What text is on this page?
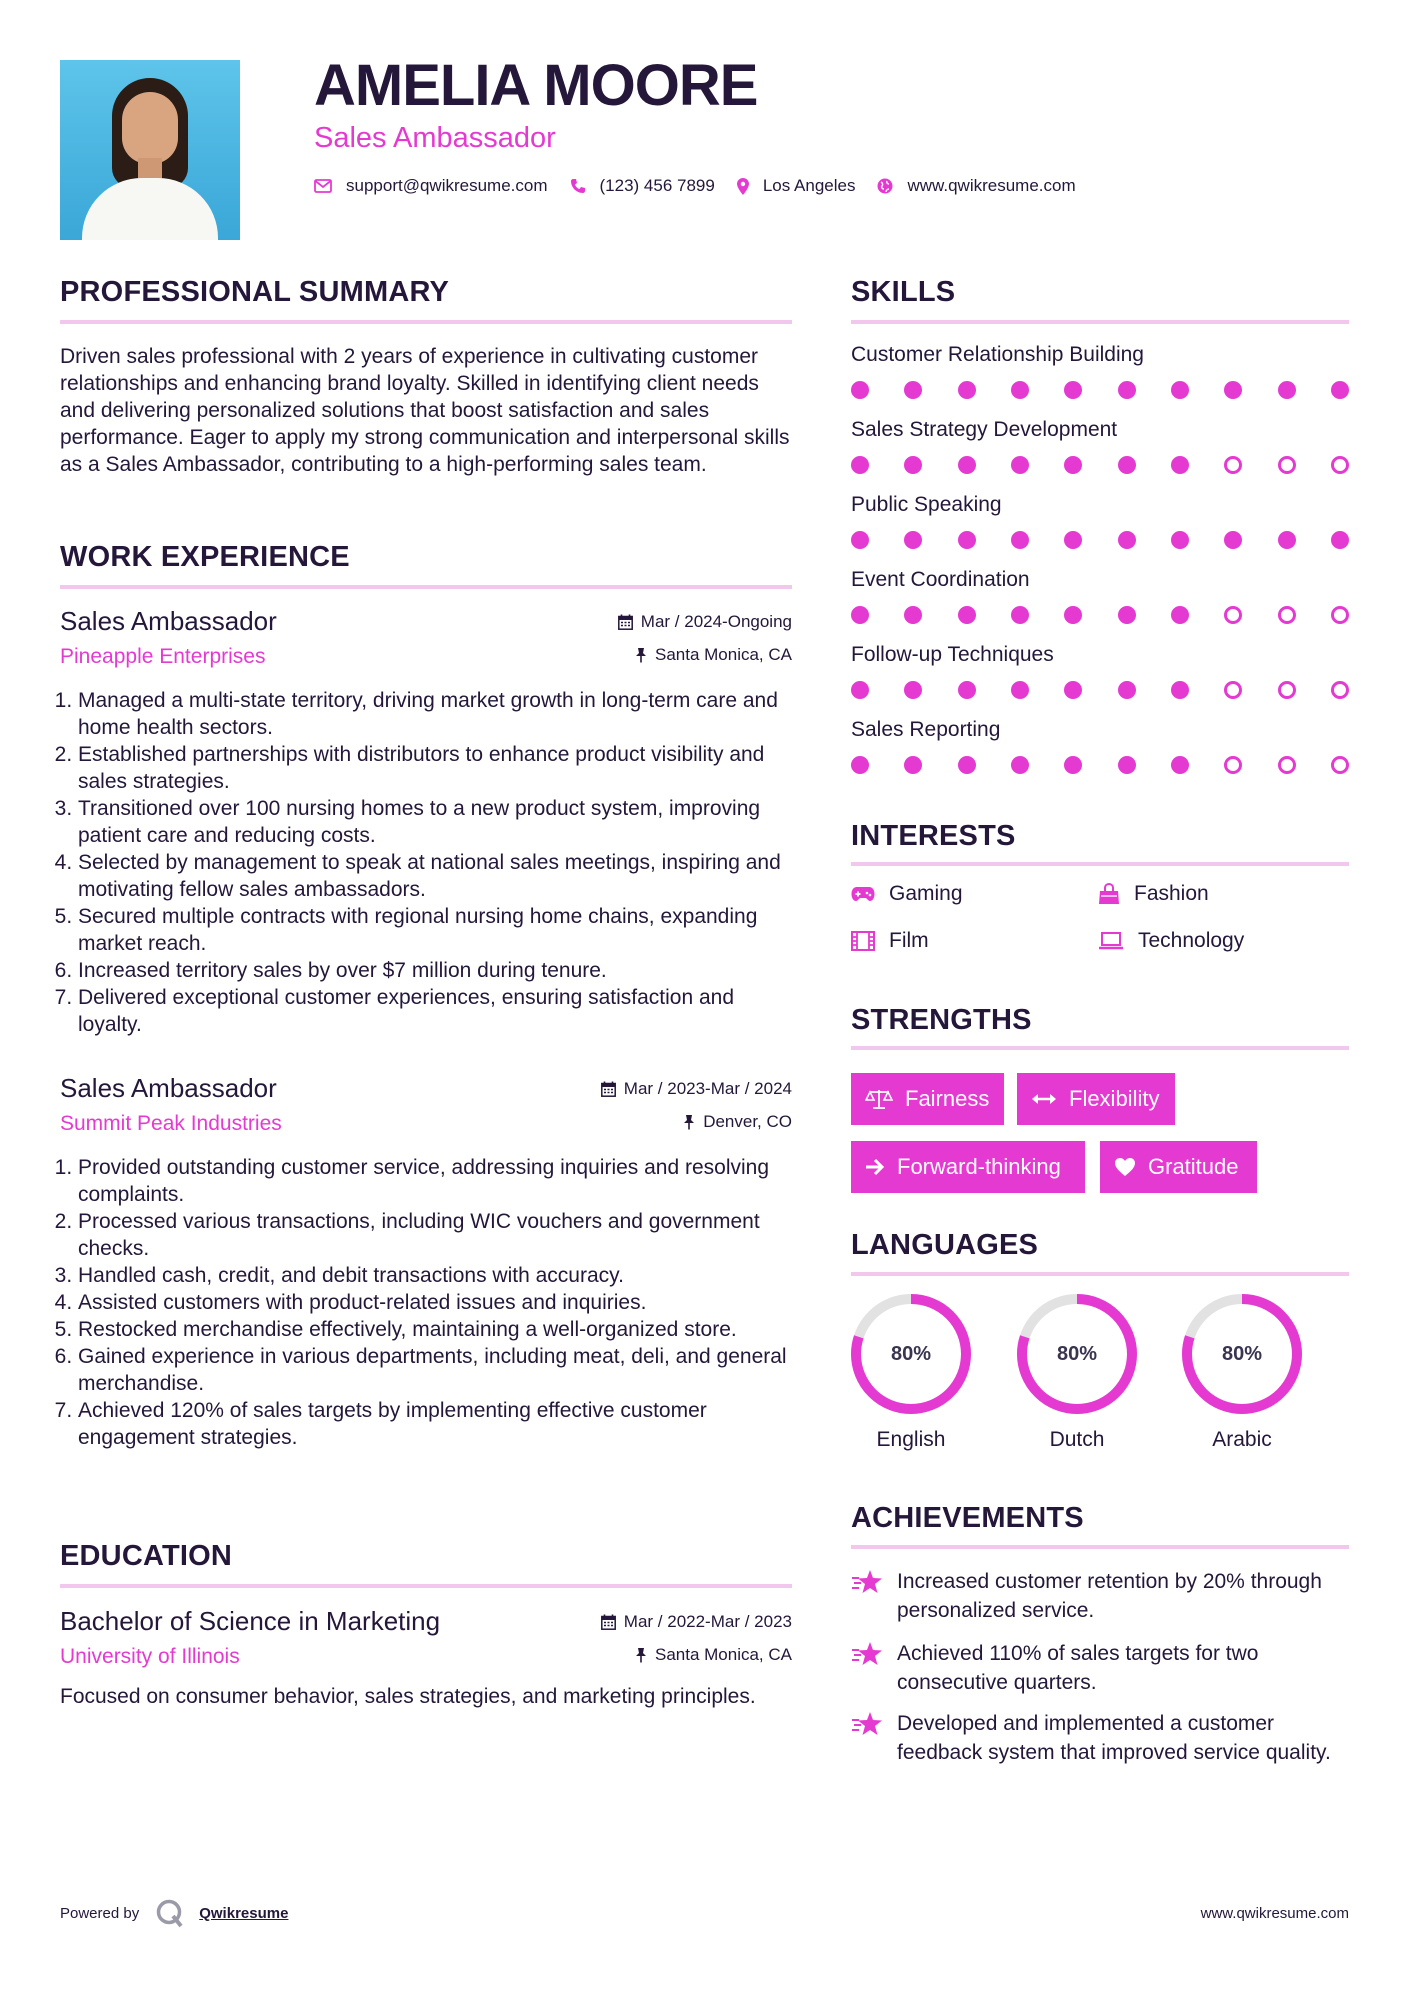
AMELIA MOORE
Sales Ambassador
support@qwikresume.com	(123) 456 7899	Los Angeles	www.qwikresume.com
PROFESSIONAL SUMMARY

Driven sales professional with 2 years of experience in cultivating customer relationships and enhancing brand loyalty. Skilled in identifying client needs and delivering personalized solutions that boost satisfaction and sales performance. Eager to apply my strong communication and interpersonal skills as a Sales Ambassador, contributing to a high-performing sales team.

WORK EXPERIENCE
Sales Ambassador	Mar / 2024-Ongoing
Pineapple Enterprises	Santa Monica, CA
1. Managed a multi-state territory, driving market growth in long-term care and home health sectors.
2. Established partnerships with distributors to enhance product visibility and sales strategies.
3. Transitioned over 100 nursing homes to a new product system, improving patient care and reducing costs.
4. Selected by management to speak at national sales meetings, inspiring and motivating fellow sales ambassadors.
5. Secured multiple contracts with regional nursing home chains, expanding market reach.
6. Increased territory sales by over $7 million during tenure.
7. Delivered exceptional customer experiences, ensuring satisfaction and loyalty.
Sales Ambassador	Mar / 2023-Mar / 2024
Summit Peak Industries	Denver, CO
1. Provided outstanding customer service, addressing inquiries and resolving complaints.
2. Processed various transactions, including WIC vouchers and government checks.
3. Handled cash, credit, and debit transactions with accuracy.
4. Assisted customers with product-related issues and inquiries.
5. Restocked merchandise effectively, maintaining a well-organized store.
6. Gained experience in various departments, including meat, deli, and general merchandise.
7. Achieved 120% of sales targets by implementing effective customer engagement strategies.
EDUCATION
Bachelor of Science in Marketing	Mar / 2022-Mar / 2023
University of Illinois	Santa Monica, CA

Focused on consumer behavior, sales strategies, and marketing principles.

SKILLS
Customer Relationship Building
Sales Strategy Development
Public Speaking
Event Coordination
Follow-up Techniques
Sales Reporting
INTERESTS
Gaming	Fashion
Film	Technology
STRENGTHS
Fairness	Flexibility
Forward-thinking	Gratitude
LANGUAGES
80%
English
80%
Dutch
80%
Arabic
ACHIEVEMENTS
Increased customer retention by 20% through personalized service.
Achieved 110% of sales targets for two consecutive quarters.
Developed and implemented a customer feedback system that improved service quality.
Powered by	Qwikresume	www.qwikresume.com
